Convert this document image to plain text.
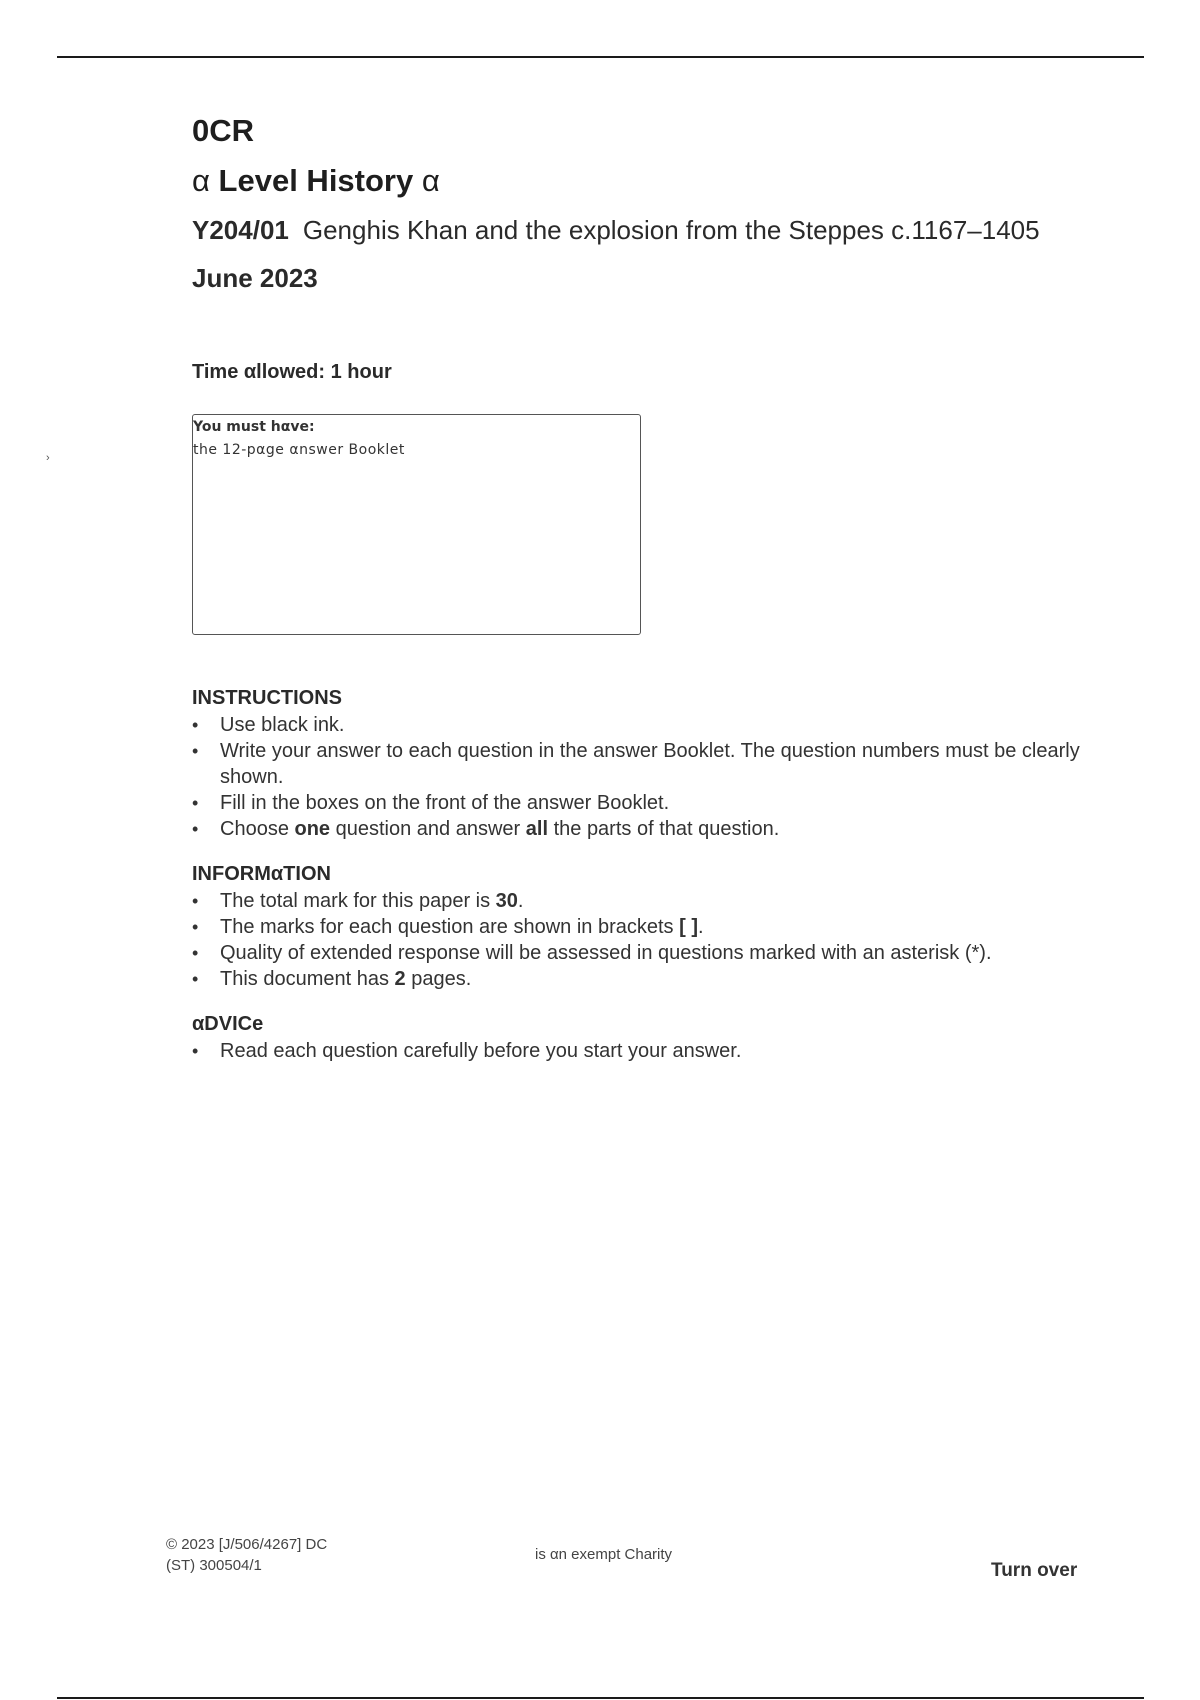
0CR

α Level History α

Y204/01 Genghis Khan and the explosion from the Steppes c.1167–1405

June 2023

Time αllowed: 1 hour
›

You must hαve:

the 12-pαge αnswer Booklet

INSTRUCTIONS

• Use black ink.
• Write your answer to each question in the answer Booklet. The question numbers must be clearly shown.
• Fill in the boxes on the front of the answer Booklet.
• Choose one question and answer all the parts of that question.

INFORMαTION

• The total mark for this paper is 30.
• The marks for each question are shown in brackets [ ].
• Quality of extended response will be assessed in questions marked with an asterisk (*).
• This document has 2 pages.

αDVICe

• Read each question carefully before you start your answer.
© 2023 [J/506/4267] DC
(ST) 300504/1
is αn exempt Charity
Turn over
